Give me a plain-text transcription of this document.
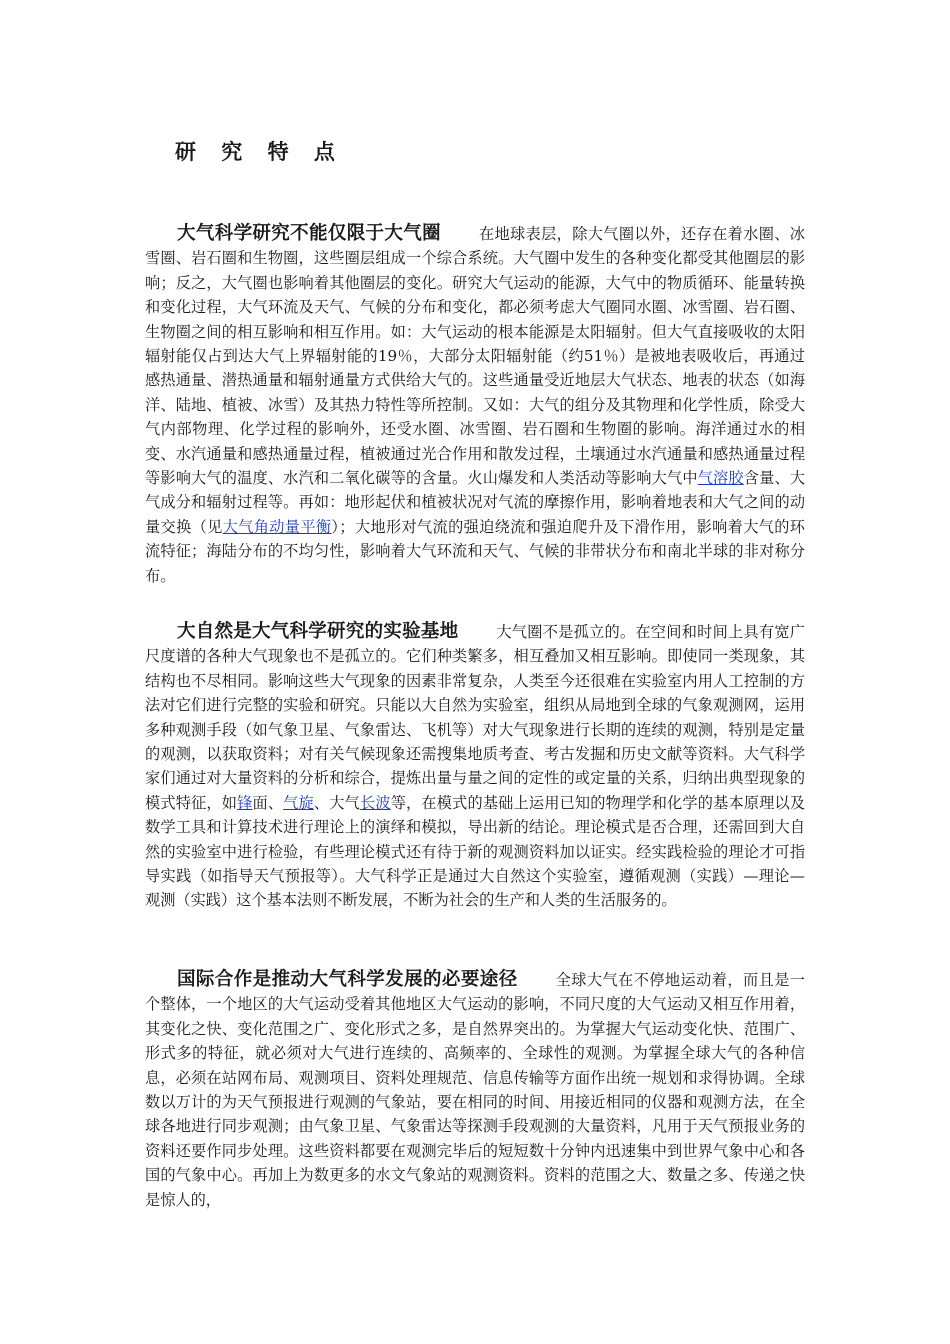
研 究 特 点

大气科学研究不能仅限于大气圈	在地球表层，除大气圈以外，还存在着水圈、冰雪圈、岩石圈和生物圈，这些圈层组成一个综合系统。大气圈中发生的各种变化都受其他圈层的影响；反之，大气圈也影响着其他圈层的变化。研究大气运动的能源，大气中的物质循环、能量转换和变化过程，大气环流及天气、气候的分布和变化，都必须考虑大气圈同水圈、冰雪圈、岩石圈、生物圈之间的相互影响和相互作用。如：大气运动的根本能源是太阳辐射。但大气直接吸收的太阳辐射能仅占到达大气上界辐射能的19％，大部分太阳辐射能（约51％）是被地表吸收后，再通过感热通量、潜热通量和辐射通量方式供给大气的。这些通量受近地层大气状态、地表的状态（如海洋、陆地、植被、冰雪）及其热力特性等所控制。又如：大气的组分及其物理和化学性质，除受大气内部物理、化学过程的影响外，还受水圈、冰雪圈、岩石圈和生物圈的影响。海洋通过水的相变、水汽通量和感热通量过程，植被通过光合作用和散发过程，土壤通过水汽通量和感热通量过程等影响大气的温度、水汽和二氧化碳等的含量。火山爆发和人类活动等影响大气中气溶胶含量、大气成分和辐射过程等。再如：地形起伏和植被状况对气流的摩擦作用，影响着地表和大气之间的动量交换（见大气角动量平衡）；大地形对气流的强迫绕流和强迫爬升及下滑作用，影响着大气的环流特征；海陆分布的不均匀性，影响着大气环流和天气、气候的非带状分布和南北半球的非对称分布。

大自然是大气科学研究的实验基地	大气圈不是孤立的。在空间和时间上具有宽广尺度谱的各种大气现象也不是孤立的。它们种类繁多，相互叠加又相互影响。即使同一类现象，其结构也不尽相同。影响这些大气现象的因素非常复杂，人类至今还很难在实验室内用人工控制的方法对它们进行完整的实验和研究。只能以大自然为实验室，组织从局地到全球的气象观测网，运用多种观测手段（如气象卫星、气象雷达、飞机等）对大气现象进行长期的连续的观测，特别是定量的观测，以获取资料；对有关气候现象还需搜集地质考查、考古发掘和历史文献等资料。大气科学家们通过对大量资料的分析和综合，提炼出量与量之间的定性的或定量的关系，归纳出典型现象的模式特征，如锋面、气旋、大气长波等，在模式的基础上运用已知的物理学和化学的基本原理以及数学工具和计算技术进行理论上的演绎和模拟，导出新的结论。理论模式是否合理，还需回到大自然的实验室中进行检验，有些理论模式还有待于新的观测资料加以证实。经实践检验的理论才可指导实践（如指导天气预报等）。大气科学正是通过大自然这个实验室，遵循观测（实践）—理论—观测（实践）这个基本法则不断发展，不断为社会的生产和人类的生活服务的。

国际合作是推动大气科学发展的必要途径	全球大气在不停地运动着，而且是一个整体，一个地区的大气运动受着其他地区大气运动的影响，不同尺度的大气运动又相互作用着，其变化之快、变化范围之广、变化形式之多，是自然界突出的。为掌握大气运动变化快、范围广、形式多的特征，就必须对大气进行连续的、高频率的、全球性的观测。为掌握全球大气的各种信息，必须在站网布局、观测项目、资料处理规范、信息传输等方面作出统一规划和求得协调。全球数以万计的为天气预报进行观测的气象站，要在相同的时间、用接近相同的仪器和观测方法，在全球各地进行同步观测；由气象卫星、气象雷达等探测手段观测的大量资料，凡用于天气预报业务的资料还要作同步处理。这些资料都要在观测完毕后的短短数十分钟内迅速集中到世界气象中心和各国的气象中心。再加上为数更多的水文气象站的观测资料。资料的范围之大、数量之多、传递之快是惊人的，
